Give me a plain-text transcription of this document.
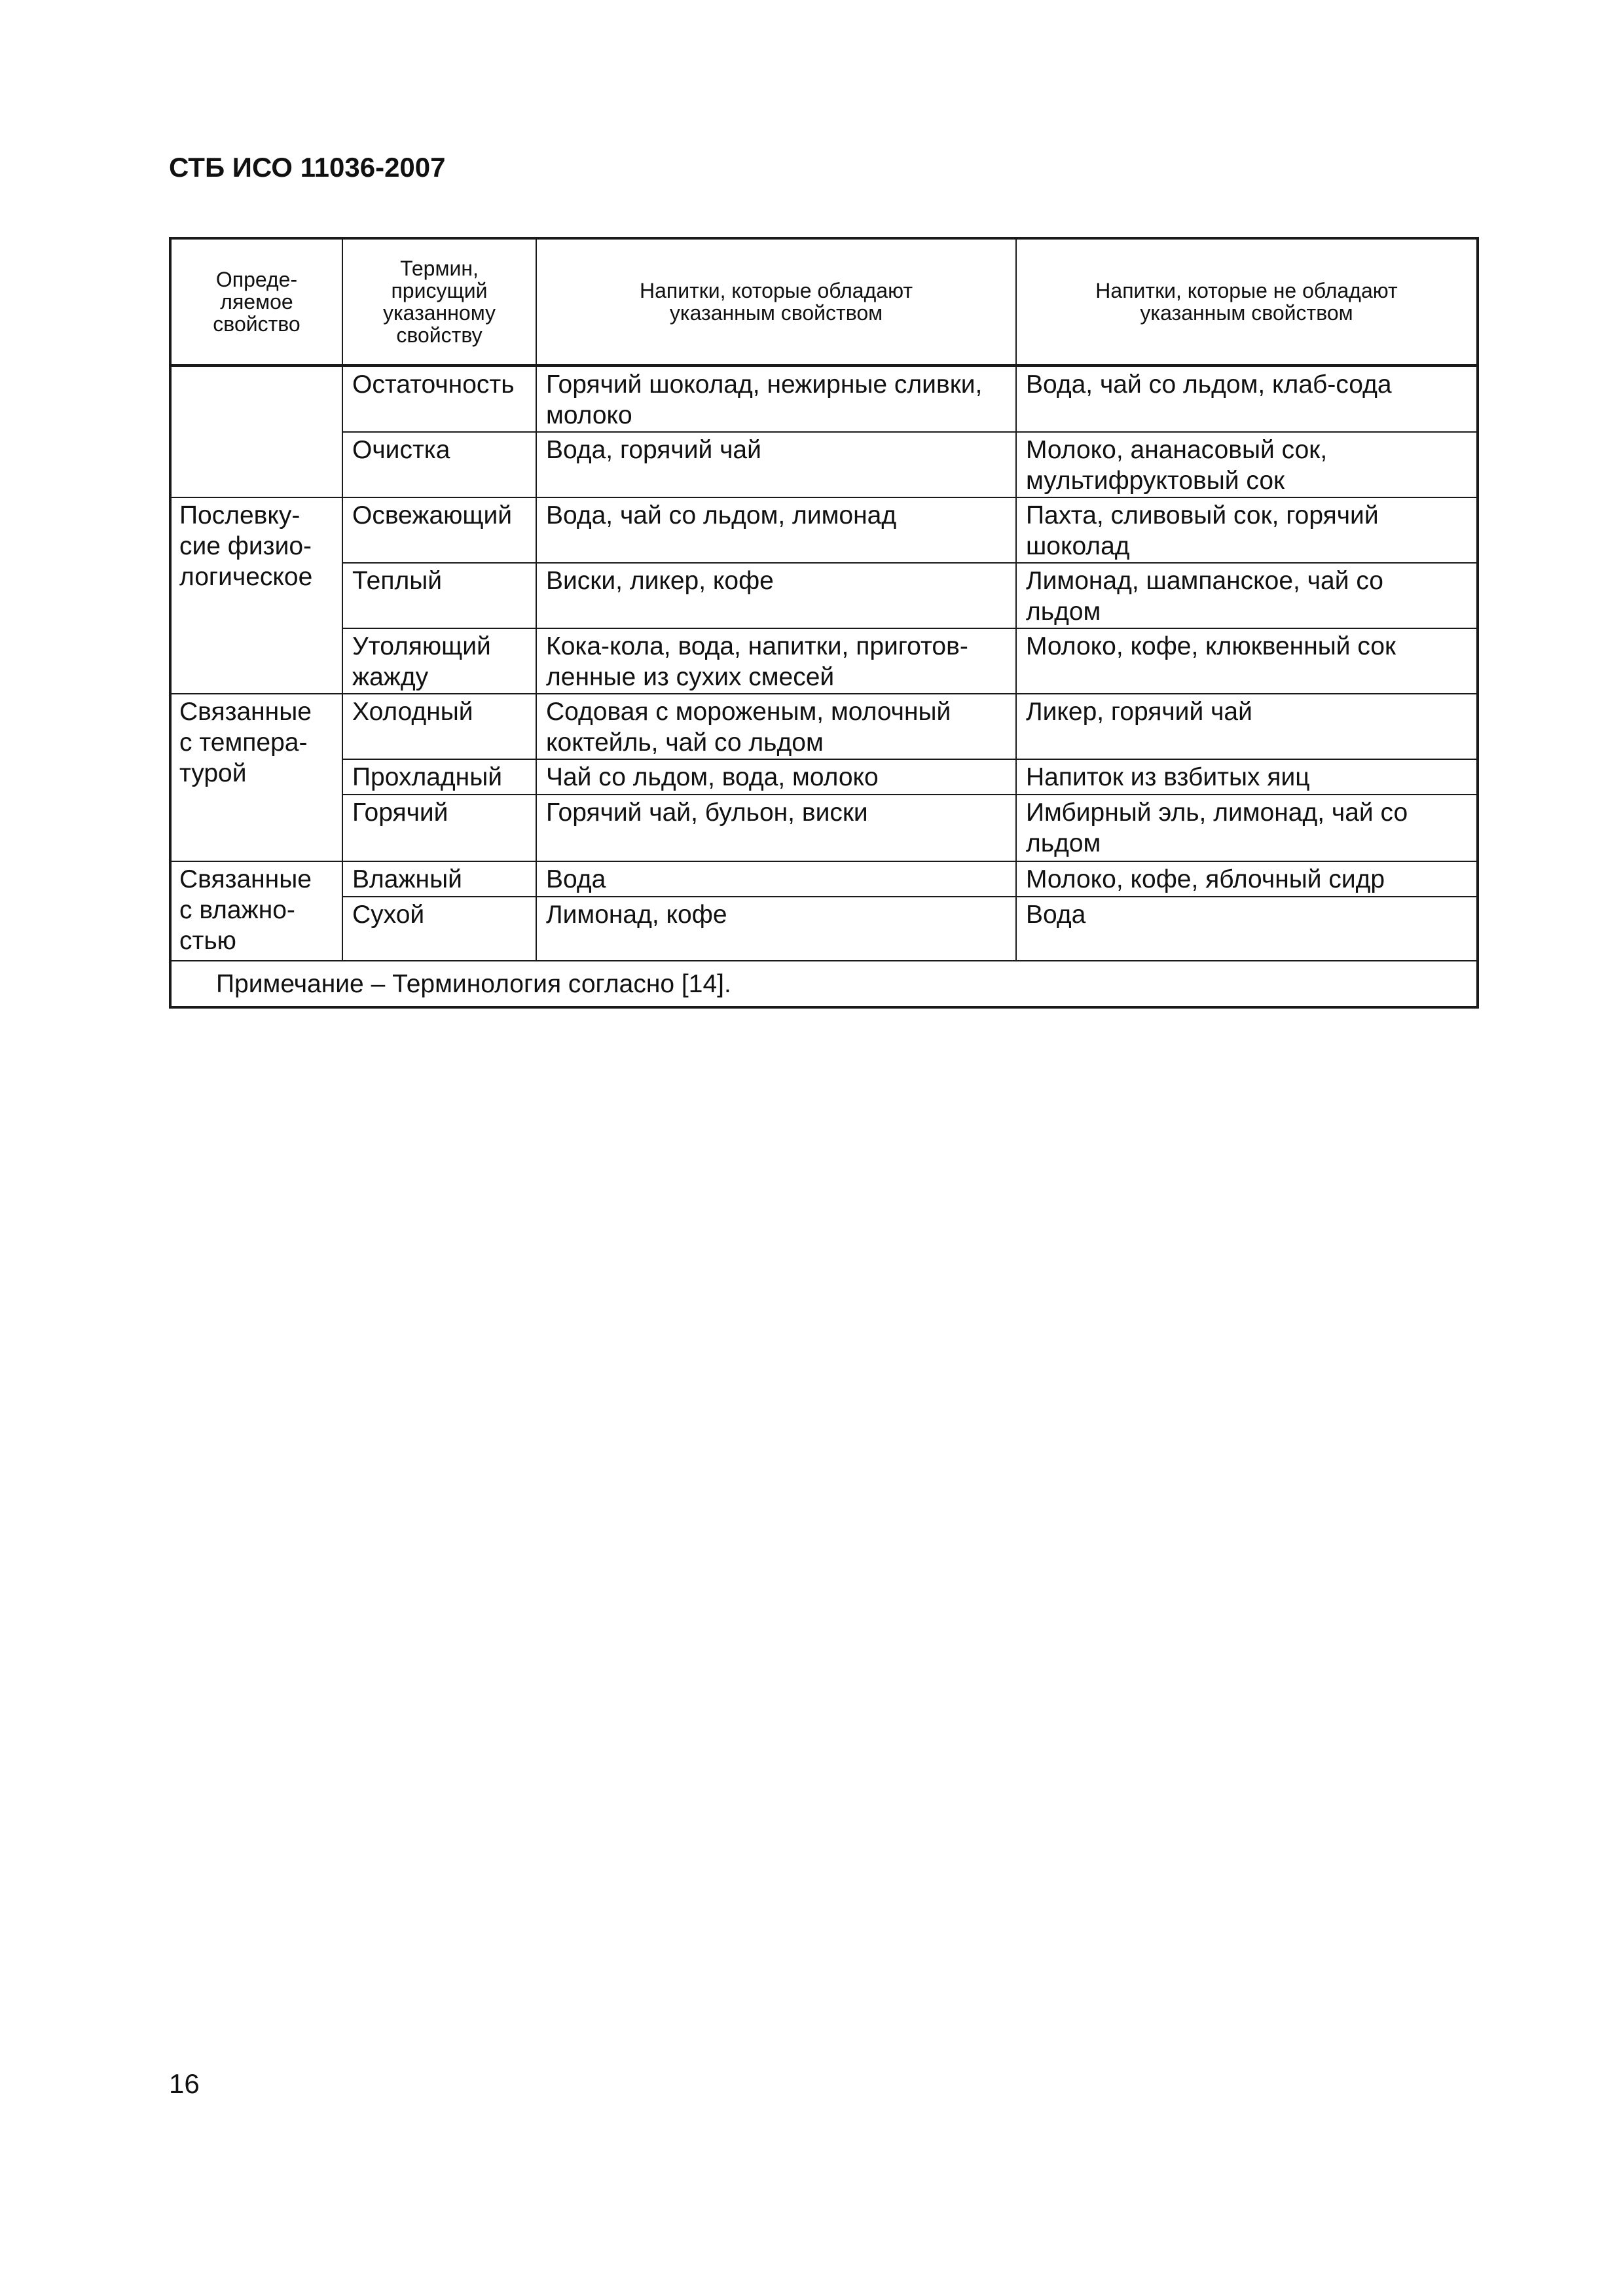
СТБ ИСО 11036-2007
Опреде-
ляемое
свойство	Термин,
присущий
указанному
свойству	Напитки, которые обладают
указанным свойством	Напитки, которые не обладают
указанным свойством

	Остаточность	Горячий шоколад, нежирные сливки,
молоко	Вода, чай со льдом, клаб-сода

	Очистка	Вода, горячий чай	Молоко, ананасовый сок,
мультифруктовый сок

Послевку-
сие физио-
логическое	Освежающий	Вода, чай со льдом, лимонад	Пахта, сливовый сок, горячий
шоколад

	Теплый	Виски, ликер, кофе	Лимонад, шампанское, чай со
льдом

	Утоляющий
жажду	Кока-кола, вода, напитки, приготов-
ленные из сухих смесей	Молоко, кофе, клюквенный сок

Связанные
с темпера-
турой	Холодный	Содовая с мороженым, молочный
коктейль, чай со льдом	Ликер, горячий чай

	Прохладный	Чай со льдом, вода, молоко	Напиток из взбитых яиц

	Горячий	Горячий чай, бульон, виски	Имбирный эль, лимонад, чай со
льдом

Связанные
с влажно-
стью	Влажный	Вода	Молоко, кофе, яблочный сидр

	Сухой	Лимонад, кофе	Вода

Примечание – Терминология согласно [14].			
16
